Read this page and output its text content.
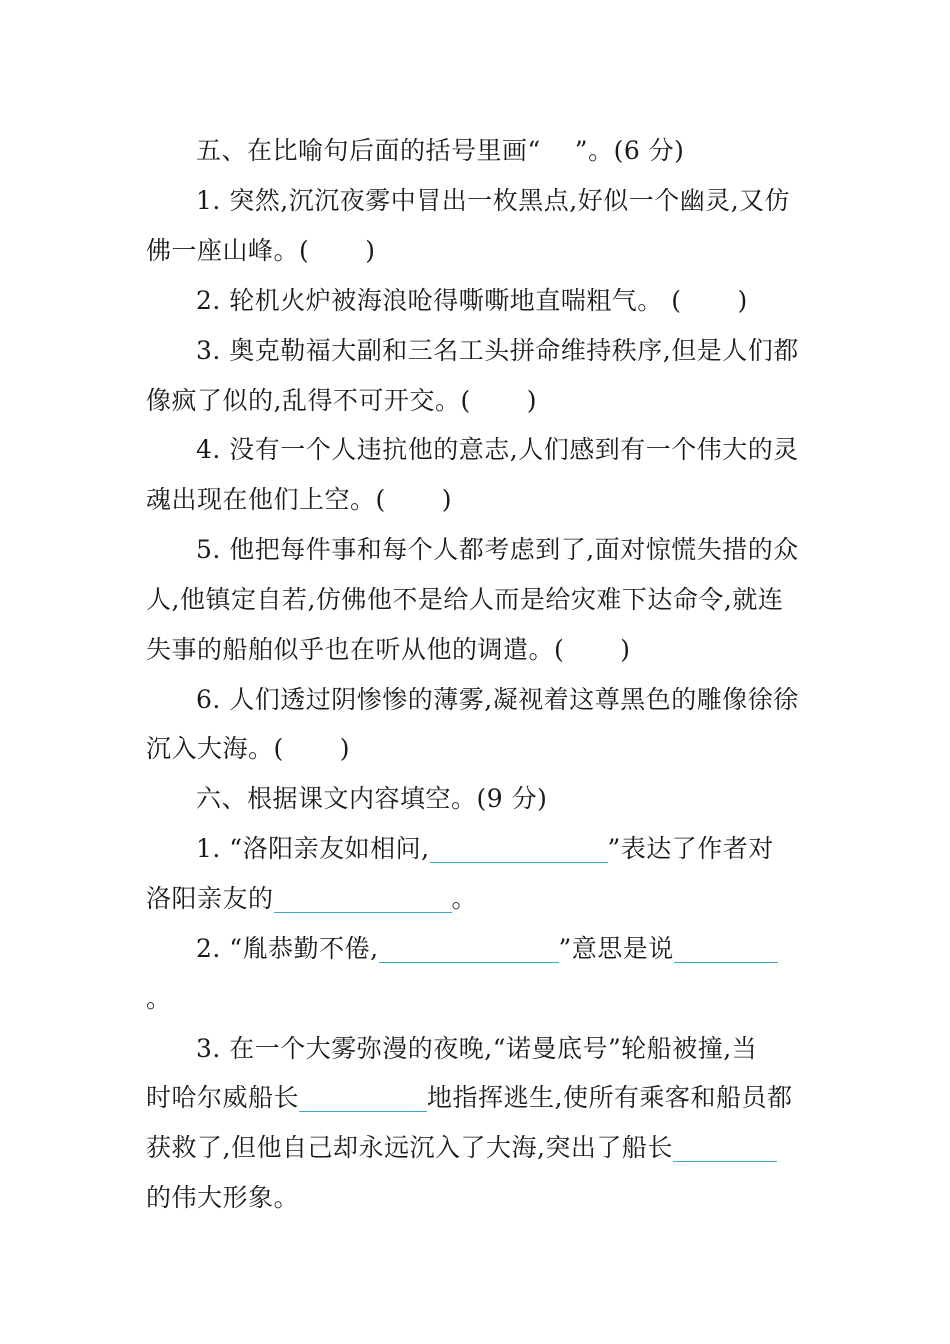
五、在比喻句后面的括号里画“ ”。(6 分)
1. 突然,沉沉夜雾中冒出一枚黑点,好似一个幽灵,又仿
佛一座山峰。( )
2. 轮机火炉被海浪呛得嘶嘶地直喘粗气。 ( )
3. 奥克勒福大副和三名工头拼命维持秩序,但是人们都
像疯了似的,乱得不可开交。( )
4. 没有一个人违抗他的意志,人们感到有一个伟大的灵
魂出现在他们上空。( )
5. 他把每件事和每个人都考虑到了,面对惊慌失措的众
人,他镇定自若,仿佛他不是给人而是给灾难下达命令,就连
失事的船舶似乎也在听从他的调遣。( )
6. 人们透过阴惨惨的薄雾,凝视着这尊黑色的雕像徐徐
沉入大海。( )
六、根据课文内容填空。(9 分)
1. “洛阳亲友如相问,	”表达了作者对
洛阳亲友的	。
2. “胤恭勤不倦,	”意思是说
。
3. 在一个大雾弥漫的夜晚,“诺曼底号”轮船被撞,当
时哈尔威船长	地指挥逃生,使所有乘客和船员都
获救了,但他自己却永远沉入了大海,突出了船长
的伟大形象。
